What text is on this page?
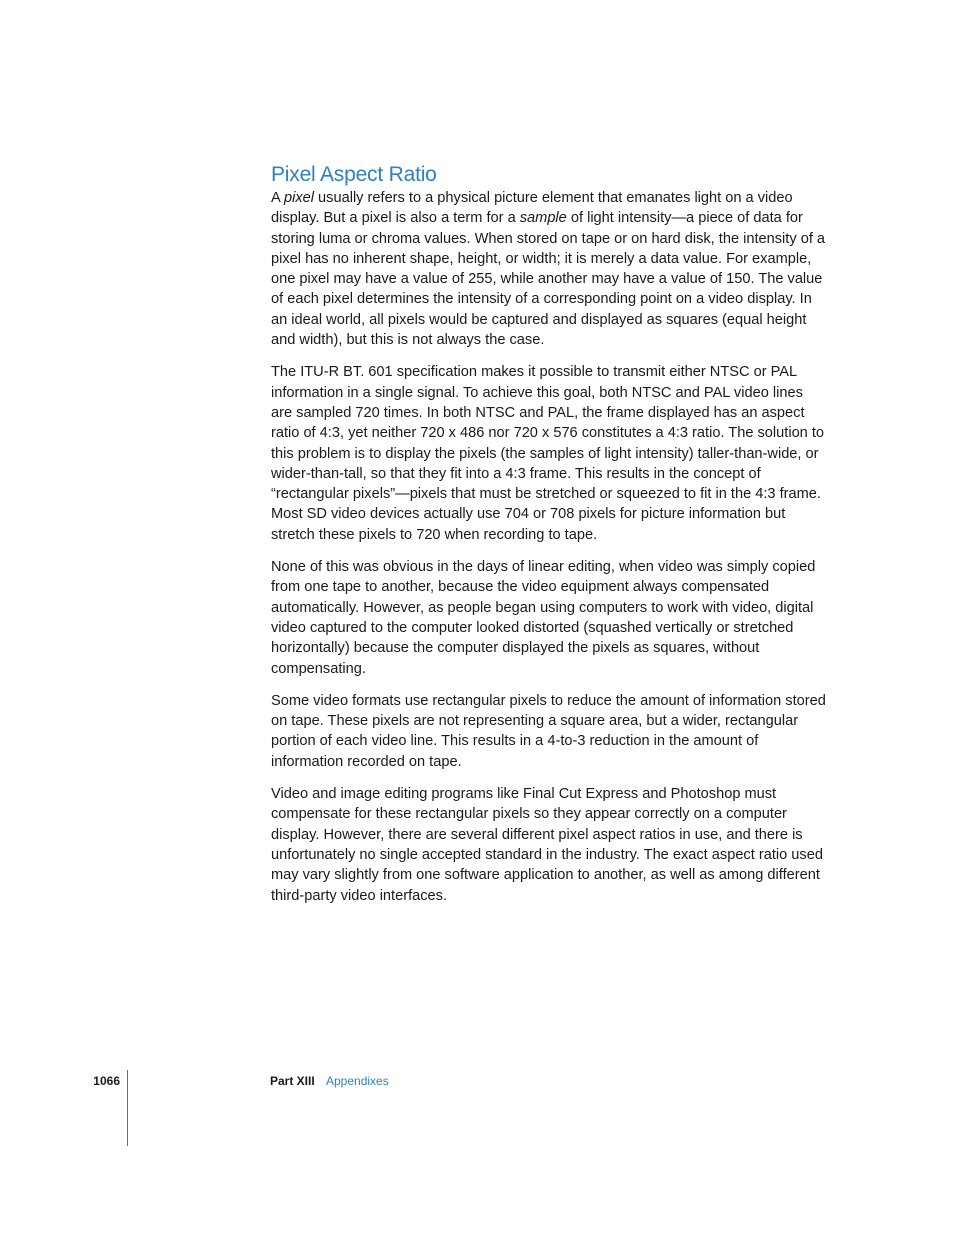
Pixel Aspect Ratio

A pixel usually refers to a physical picture element that emanates light on a video display. But a pixel is also a term for a sample of light intensity—a piece of data for storing luma or chroma values. When stored on tape or on hard disk, the intensity of a pixel has no inherent shape, height, or width; it is merely a data value. For example, one pixel may have a value of 255, while another may have a value of 150. The value of each pixel determines the intensity of a corresponding point on a video display. In an ideal world, all pixels would be captured and displayed as squares (equal height and width), but this is not always the case.

The ITU-R BT. 601 specification makes it possible to transmit either NTSC or PAL information in a single signal. To achieve this goal, both NTSC and PAL video lines are sampled 720 times. In both NTSC and PAL, the frame displayed has an aspect ratio of 4:3, yet neither 720 x 486 nor 720 x 576 constitutes a 4:3 ratio. The solution to this problem is to display the pixels (the samples of light intensity) taller-than-wide, or wider-than-tall, so that they fit into a 4:3 frame. This results in the concept of “rectangular pixels”—pixels that must be stretched or squeezed to fit in the 4:3 frame. Most SD video devices actually use 704 or 708 pixels for picture information but stretch these pixels to 720 when recording to tape.

None of this was obvious in the days of linear editing, when video was simply copied from one tape to another, because the video equipment always compensated automatically. However, as people began using computers to work with video, digital video captured to the computer looked distorted (squashed vertically or stretched horizontally) because the computer displayed the pixels as squares, without compensating.

Some video formats use rectangular pixels to reduce the amount of information stored on tape. These pixels are not representing a square area, but a wider, rectangular portion of each video line. This results in a 4-to-3 reduction in the amount of information recorded on tape.

Video and image editing programs like Final Cut Express and Photoshop must compensate for these rectangular pixels so they appear correctly on a computer display. However, there are several different pixel aspect ratios in use, and there is unfortunately no single accepted standard in the industry. The exact aspect ratio used may vary slightly from one software application to another, as well as among different third-party video interfaces.

1066	Part XIII Appendixes
